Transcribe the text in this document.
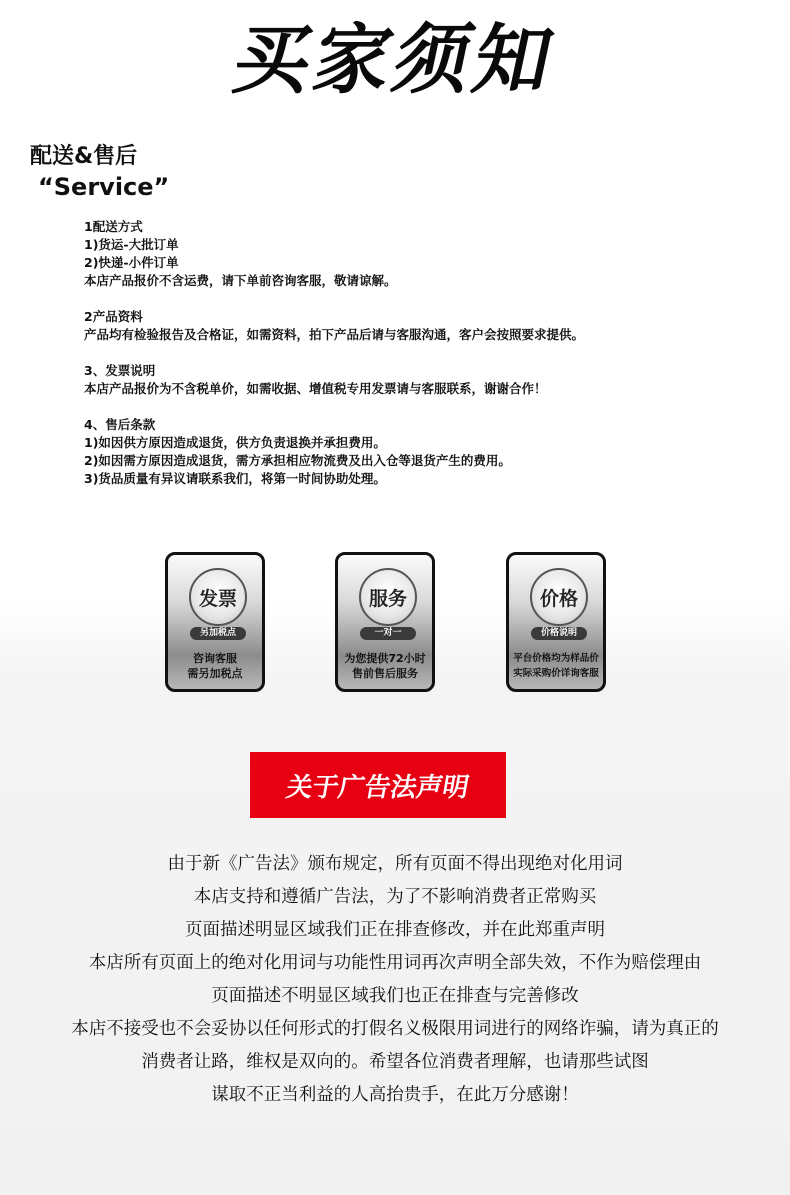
买家须知
配送&售后
“Service”
1配送方式
1)货运-大批订单
2)快递-小件订单
本店产品报价不含运费，请下单前咨询客服，敬请谅解。
2产品资料
产品均有检验报告及合格证，如需资料，拍下产品后请与客服沟通，客户会按照要求提供。
3、发票说明
本店产品报价为不含税单价，如需收据、增值税专用发票请与客服联系，谢谢合作！
4、售后条款
1)如因供方原因造成退货，供方负责退换并承担费用。
2)如因需方原因造成退货，需方承担相应物流费及出入仓等退货产生的费用。
3)货品质量有异议请联系我们，将第一时间协助处理。
发票
另加税点
咨询客服
需另加税点
服务
一对一
为您提供72小时
售前售后服务
价格
价格说明
平台价格均为样品价
实际采购价详询客服
关于广告法声明
由于新《广告法》颁布规定，所有页面不得出现绝对化用词
本店支持和遵循广告法，为了不影响消费者正常购买
页面描述明显区域我们正在排查修改，并在此郑重声明
本店所有页面上的绝对化用词与功能性用词再次声明全部失效，不作为赔偿理由
页面描述不明显区域我们也正在排查与完善修改
本店不接受也不会妥协以任何形式的打假名义极限用词进行的网络诈骗，请为真正的
消费者让路，维权是双向的。希望各位消费者理解，也请那些试图
谋取不正当利益的人高抬贵手，在此万分感谢！
